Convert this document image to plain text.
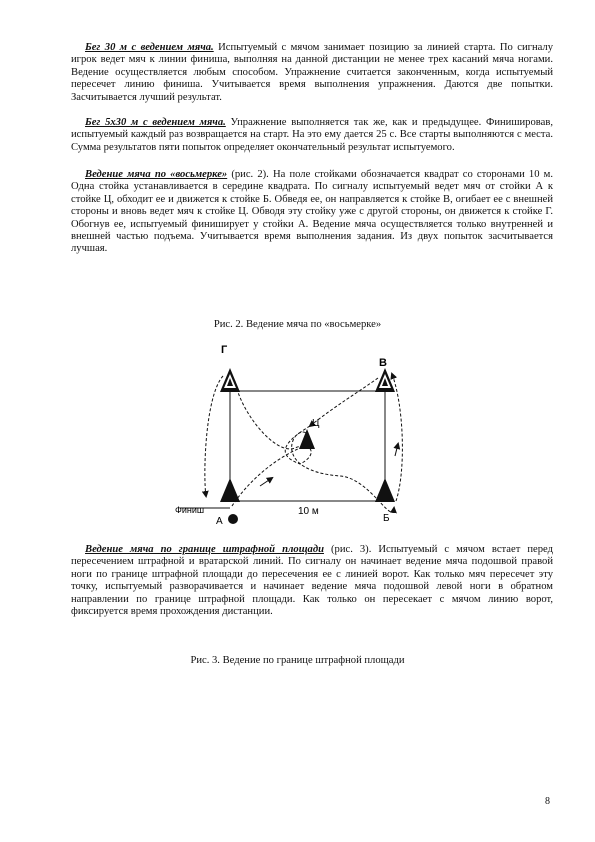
Бег 30 м с ведением мяча. Испытуемый с мячом занимает позицию за линией старта. По сигналу игрок ведет мяч к линии финиша, выполняя на данной дистанции не менее трех касаний мяча ногами. Ведение осуществляется любым способом. Упражнение считается законченным, когда испытуемый пересечет линию финиша. Учитывается время выполнения упражнения. Даются две попытки. Засчитывается лучший результат.

Бег 5х30 м с ведением мяча. Упражнение выполняется так же, как и предыдущее. Финишировав, испытуемый каждый раз возвращается на старт. На это ему дается 25 с. Все старты выполняются с места. Сумма результатов пяти попыток определяет окончательный результат испытуемого.

Ведение мяча по «восьмерке» (рис. 2). На поле стойками обозначается квадрат со сторонами 10 м. Одна стойка устанавливается в середине квадрата. По сигналу испытуемый ведет мяч от стойки А к стойке Ц, обходит ее и движется к стойке Б. Обведя ее, он направляется к стойке В, огибает ее с внешней стороны и вновь ведет мяч к стойке Ц. Обводя эту стойку уже с другой стороны, он движется к стойке Г. Обогнув ее, испытуемый финиширует у стойки А. Ведение мяча осуществляется только внутренней и внешней частью подъема. Учитывается время выполнения задания. Из двух попыток засчитывается лучшая.

Рис. 2. Ведение мяча по «восьмерке»
Г
В
Ц
А	Б
Финиш	10 м

Ведение мяча по границе штрафной площади (рис. 3). Испытуемый с мячом встает перед пересечением штрафной и вратарской линий. По сигналу он начинает ведение мяча подошвой правой ноги по границе штрафной площади до пересечения ее с линией ворот. Как только мяч пересечет эту точку, испытуемый разворачивается и начинает ведение мяча подошвой левой ноги в обратном направлении по границе штрафной площади. Как только он пересекает с мячом линию ворот, фиксируется время прохождения дистанции.

Рис. 3. Ведение по границе штрафной площади
8
